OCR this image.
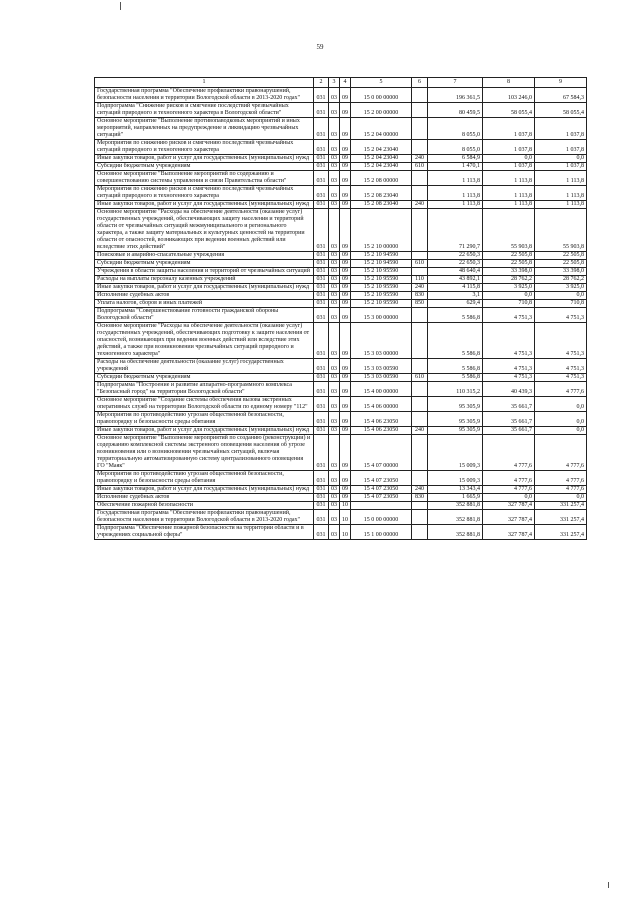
59
1	2	3	4	5	6	7	8	9
Государственная программа "Обеспечение профилактики правонарушений, безопасности населения и территории Вологодской области в 2013-2020 годах"	031	03	09	15 0 00 00000		196 361,5	103 246,0	67 584,3
Подпрограмма "Снижение рисков и смягчение последствий чрезвычайных ситуаций природного и техногенного характера в Вологодской области"	031	03	09	15 2 00 00000		80 459,5	58 055,4	58 055,4
Основное мероприятие "Выполнение противопаводковых мероприятий и иных мероприятий, направленных на предупреждение и ликвидацию чрезвычайных ситуаций"	031	03	09	15 2 04 00000		8 055,0	1 037,8	1 037,8
Мероприятия по снижению рисков и смягчению последствий чрезвычайных ситуаций природного и техногенного характера	031	03	09	15 2 04 23040		8 055,0	1 037,8	1 037,8
Иные закупки товаров, работ и услуг для государственных (муниципальных) нужд	031	03	09	15 2 04 23040	240	6 584,9	0,0	0,0
Субсидии бюджетным учреждениям	031	03	09	15 2 04 23040	610	1 470,1	1 037,8	1 037,8
Основное мероприятие "Выполнение мероприятий по содержанию и совершенствованию системы управления и связи Правительства области"	031	03	09	15 2 08 00000		1 113,8	1 113,8	1 113,8
Мероприятия по снижению рисков и смягчению последствий чрезвычайных ситуаций природного и техногенного характера	031	03	09	15 2 08 23040		1 113,8	1 113,8	1 113,8
Иные закупки товаров, работ и услуг для государственных (муниципальных) нужд	031	03	09	15 2 08 23040	240	1 113,8	1 113,8	1 113,8
Основное мероприятие "Расходы на обеспечение деятельности (оказание услуг) государственных учреждений, обеспечивающих защиту населения и территорий области от чрезвычайных ситуаций межмуниципального и регионального характера, а также защиту материальных и культурных ценностей на территории области от опасностей, возникающих при ведении военных действий или вследствие этих действий"	031	03	09	15 2 10 00000		71 290,7	55 903,8	55 903,8
Поисковые и аварийно-спасательные учреждения	031	03	09	15 2 10 94590		22 650,3	22 505,8	22 505,8
Субсидии бюджетным учреждениям	031	03	09	15 2 10 94590	610	22 650,3	22 505,8	22 505,8
Учреждения в области защиты населения и территорий от чрезвычайных ситуаций	031	03	09	15 2 10 95590		48 640,4	33 398,0	33 398,0
Расходы на выплаты персоналу казенных учреждений	031	03	09	15 2 10 95590	110	43 892,1	28 762,2	28 762,2
Иные закупки товаров, работ и услуг для государственных (муниципальных) нужд	031	03	09	15 2 10 95590	240	4 115,8	3 925,0	3 925,0
Исполнение судебных актов	031	03	09	15 2 10 95590	830	3,1	0,0	0,0
Уплата налогов, сборов и иных платежей	031	03	09	15 2 10 95590	850	629,4	710,8	710,8
Подпрограмма "Совершенствование готовности гражданской обороны Вологодской области"	031	03	09	15 3 00 00000		5 586,8	4 751,3	4 751,3
Основное мероприятие "Расходы на обеспечение деятельности (оказание услуг) государственных учреждений, обеспечивающих подготовку к защите населения от опасностей, возникающих при ведении военных действий или вследствие этих действий, а также при возникновении чрезвычайных ситуаций природного и техногенного характера"	031	03	09	15 3 03 00000		5 586,8	4 751,3	4 751,3
Расходы на обеспечение деятельности (оказание услуг) государственных учреждений	031	03	09	15 3 03 00590		5 586,8	4 751,3	4 751,3
Субсидии бюджетным учреждениям	031	03	09	15 3 03 00590	610	5 586,8	4 751,3	4 751,3
Подпрограмма "Построение и развитие аппаратно-программного комплекса "Безопасный город" на территории Вологодской области"	031	03	09	15 4 00 00000		110 315,2	40 439,3	4 777,6
Основное мероприятие "Создание системы обеспечения вызова экстренных оперативных служб на территории Вологодской области по единому номеру "112"	031	03	09	15 4 06 00000		95 305,9	35 661,7	0,0
Мероприятия по противодействию угрозам общественной безопасности, правопорядку и безопасности среды обитания	031	03	09	15 4 06 23050		95 305,9	35 661,7	0,0
Иные закупки товаров, работ и услуг для государственных (муниципальных) нужд	031	03	09	15 4 06 23050	240	95 305,9	35 661,7	0,0
Основное мероприятие "Выполнение мероприятий по созданию (реконструкции) и содержанию комплексной системы экстренного оповещения населения об угрозе возникновения или о возникновении чрезвычайных ситуаций, включая территориальную автоматизированную систему централизованного оповещения ГО "Маяк"	031	03	09	15 4 07 00000		15 009,3	4 777,6	4 777,6
Мероприятия по противодействию угрозам общественной безопасности, правопорядку и безопасности среды обитания	031	03	09	15 4 07 23050		15 009,3	4 777,6	4 777,6
Иные закупки товаров, работ и услуг для государственных (муниципальных) нужд	031	03	09	15 4 07 23050	240	13 343,4	4 777,6	4 777,6
Исполнение судебных актов	031	03	09	15 4 07 23050	830	1 665,9	0,0	0,0
Обеспечение пожарной безопасности	031	03	10			352 881,8	327 787,4	331 257,4
Государственная программа "Обеспечение профилактики правонарушений, безопасности населения и территории Вологодской области в 2013-2020 годах"	031	03	10	15 0 00 00000		352 881,8	327 787,4	331 257,4
Подпрограмма "Обеспечение пожарной безопасности на территории области и в учреждениях социальной сферы"	031	03	10	15 1 00 00000		352 881,8	327 787,4	331 257,4
